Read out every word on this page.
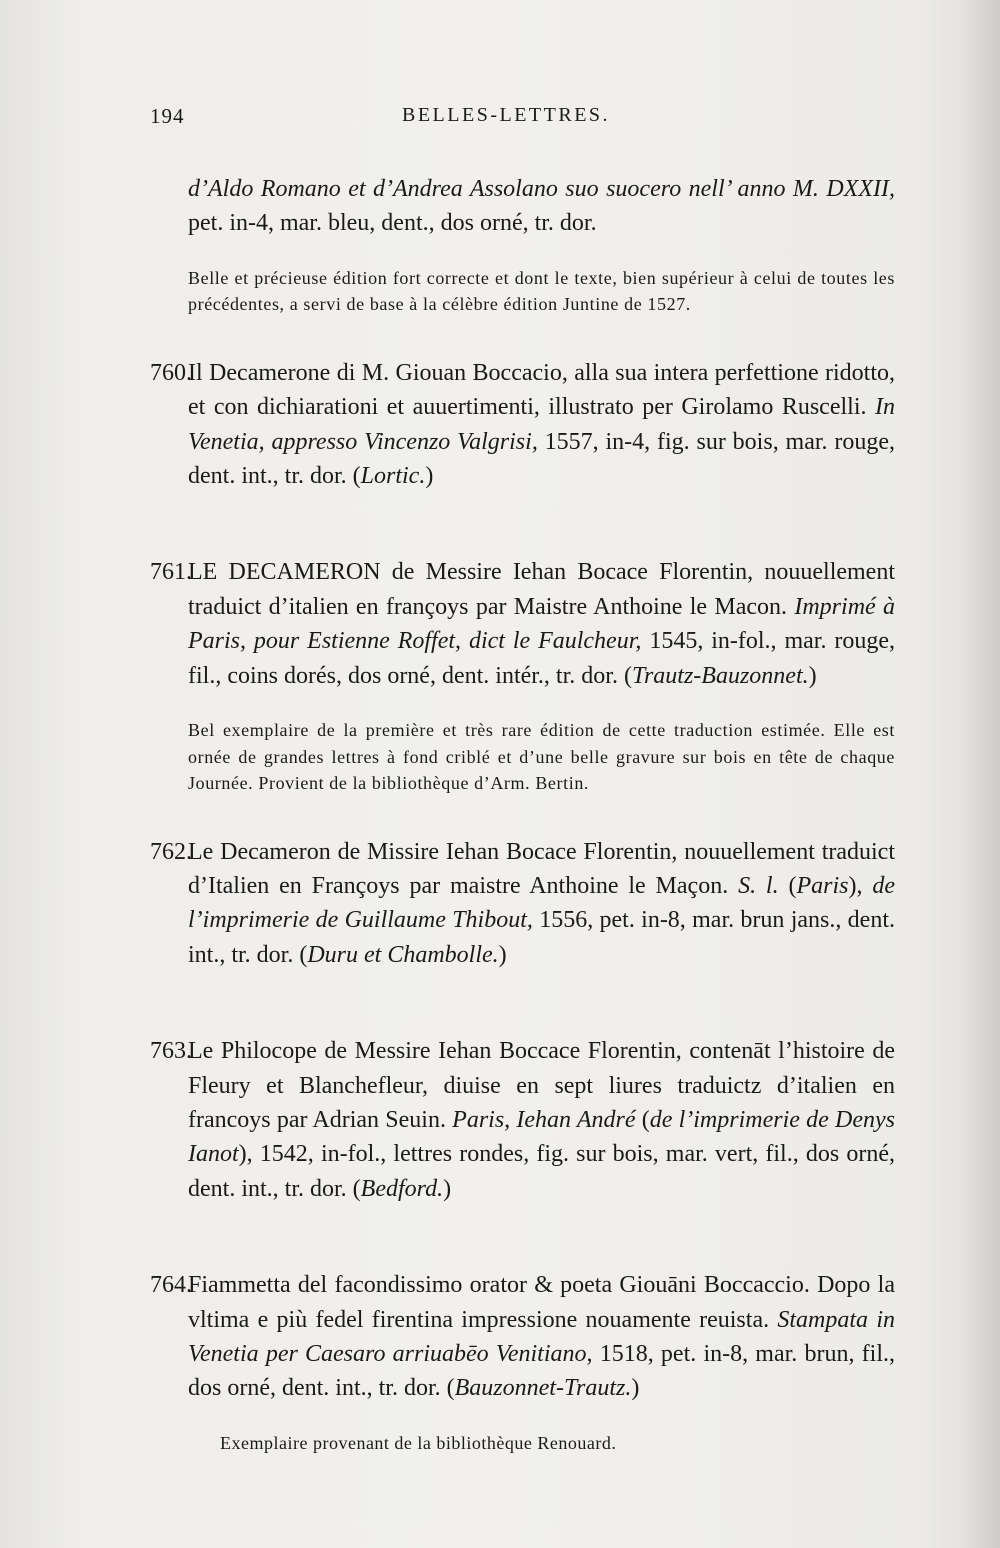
194	BELLES-LETTRES.

d’Aldo Romano et d’Andrea Assolano suo suocero nell’ anno M. DXXII, pet. in-4, mar. bleu, dent., dos orné, tr. dor.

Belle et précieuse édition fort correcte et dont le texte, bien supérieur à celui de toutes les précédentes, a servi de base à la célèbre édition Juntine de 1527.

760.Il Decamerone di M. Giouan Boccacio, alla sua intera perfettione ridotto, et con dichiarationi et auuertimenti, illustrato per Girolamo Ruscelli. In Venetia, appresso Vincenzo Valgrisi, 1557, in-4, fig. sur bois, mar. rouge, dent. int., tr. dor. (Lortic.)

761.LE DECAMERON de Messire Iehan Bocace Florentin, nouuellement traduict d’italien en françoys par Maistre Anthoine le Macon. Imprimé à Paris, pour Estienne Roffet, dict le Faulcheur, 1545, in-fol., mar. rouge, fil., coins dorés, dos orné, dent. intér., tr. dor. (Trautz-Bauzonnet.)

Bel exemplaire de la première et très rare édition de cette traduction estimée. Elle est ornée de grandes lettres à fond criblé et d’une belle gravure sur bois en tête de chaque Journée. Provient de la bibliothèque d’Arm. Bertin.

762.Le Decameron de Missire Iehan Bocace Florentin, nouuellement traduict d’Italien en Françoys par maistre Anthoine le Maçon. S. l. (Paris), de l’imprimerie de Guillaume Thibout, 1556, pet. in-8, mar. brun jans., dent. int., tr. dor. (Duru et Chambolle.)

763.Le Philocope de Messire Iehan Boccace Florentin, contenāt l’histoire de Fleury et Blanchefleur, diuise en sept liures traduictz d’italien en francoys par Adrian Seuin. Paris, Iehan André (de l’imprimerie de Denys Ianot), 1542, in-fol., lettres rondes, fig. sur bois, mar. vert, fil., dos orné, dent. int., tr. dor. (Bedford.)

764.Fiammetta del facondissimo orator & poeta Giouāni Boccaccio. Dopo la vltima e più fedel firentina impressione nouamente reuista. Stampata in Venetia per Caesaro arriuabēo Venitiano, 1518, pet. in-8, mar. brun, fil., dos orné, dent. int., tr. dor. (Bauzonnet-Trautz.)

Exemplaire provenant de la bibliothèque Renouard.
